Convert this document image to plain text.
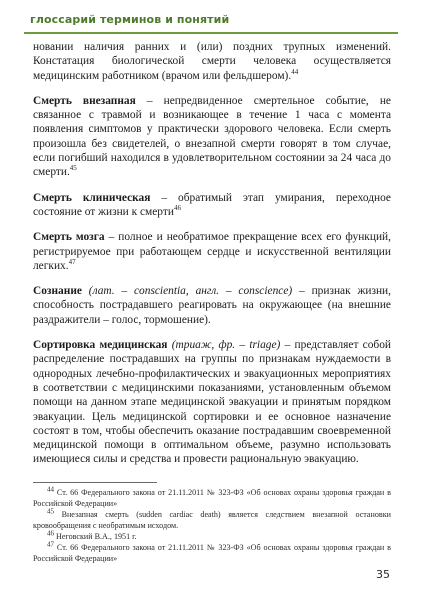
глоссарий терминов и понятий

новании наличия ранних и (или) поздних трупных изменений. Констатация биологической смерти человека осуществляется медицинским работником (врачом или фельдшером).$^{44}$

Смерть внезапная – непредвиденное смертельное событие, не связанное с травмой и возникающее в течение 1 часа с момента появления симптомов у практически здорового человека. Если смерть произошла без свидетелей, о внезапной смерти говорят в том случае, если погибший находился в удовлетворительном состоянии за 24 часа до смерти.$^{45}$

Смерть клиническая – обратимый этап умирания, переходное состояние от жизни к смерти$^{46}$

Смерть мозга – полное и необратимое прекращение всех его функций, регистрируемое при работающем сердце и искусственной вентиляции легких.$^{47}$

Сознание (лат. – conscientia, англ. – conscience) – признак жизни, способность пострадавшего реагировать на окружающее (на внешние раздражители – голос, тормошение).

Сортировка медицинская (триаж, фр. – triage) – представляет собой распределение пострадавших на группы по признакам нуждаемости в однородных лечебно-профилактических и эвакуационных мероприятиях в соответствии с медицинскими показаниями, установленным объемом помощи на данном этапе медицинской эвакуации и принятым порядком эвакуации. Цель медицинской сортировки и ее основное назначение состоят в том, чтобы обеспечить оказание пострадавшим своевременной медицинской помощи в оптимальном объеме, разумно использовать имеющиеся силы и средства и провести рациональную эвакуацию.

$^{44}$ Ст. 66 Федерального закона от 21.11.2011 № 323-ФЗ «Об основах охраны здоровья граждан в Российской Федерации»

$^{45}$ Внезапная смерть (sudden cardiac death) является следствием внезапной остановки кровообращения с необратимым исходом.

$^{46}$ Неговский В.А., 1951 г.

$^{47}$ Ст. 66 Федерального закона от 21.11.2011 № 323-ФЗ «Об основах охраны здоровья граждан в Российской Федерации»

35
